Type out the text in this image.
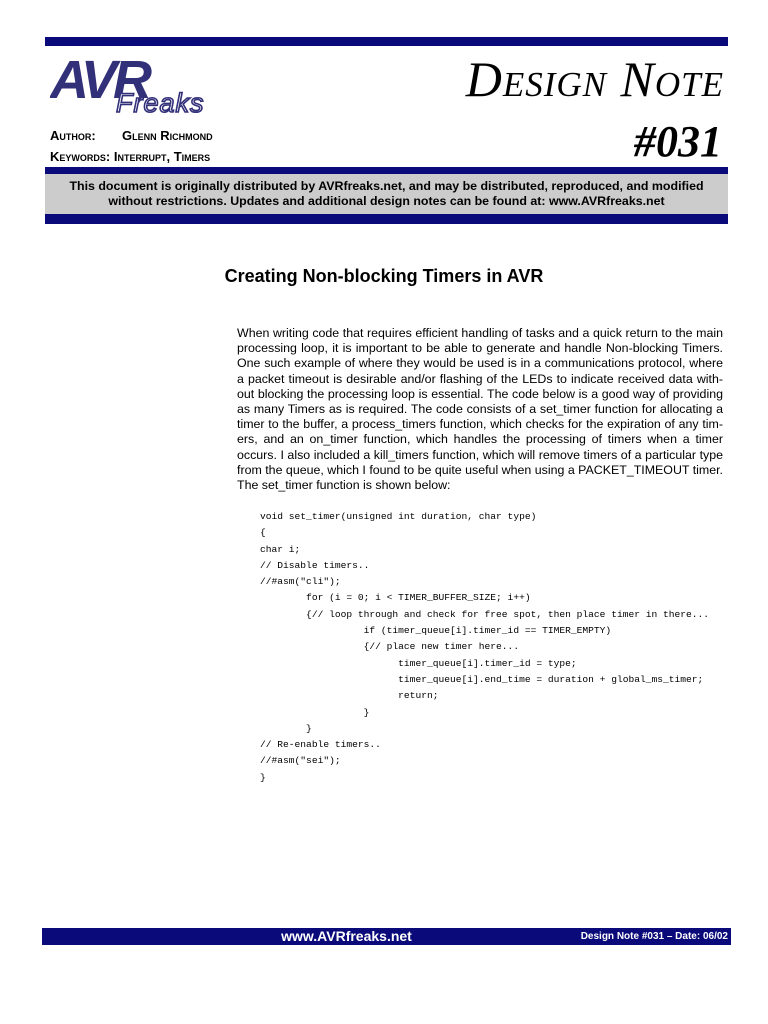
AVR
Freaks	Design Note
#031
Author: Glenn Richmond
Keywords: Interrupt, Timers

This document is originally distributed by AVRfreaks.net, and may be distributed, reproduced, and modified without restrictions. Updates and additional design notes can be found at: www.AVRfreaks.net

Creating Non-blocking Timers in AVR

When writing code that requires efficient handling of tasks and a quick return to the main processing loop, it is important to be able to generate and handle Non-blocking Timers. One such example of where they would be used is in a communications protocol, where a packet timeout is desirable and/or flashing of the LEDs to indicate received data without blocking the processing loop is essential. The code below is a good way of providing as many Timers as is required. The code consists of a set_timer function for allocating a timer to the buffer, a process_timers function, which checks for the expiration of any timers, and an on_timer function, which handles the processing of timers when a timer occurs. I also included a kill_timers function, which will remove timers of a particular type from the queue, which I found to be quite useful when using a PACKET_TIMEOUT timer. The set_timer function is shown below:

void set_timer(unsigned int duration, char type)
{
char i;
// Disable timers..
//#asm("cli");
for (i = 0; i < TIMER_BUFFER_SIZE; i++)
{// loop through and check for free spot, then place timer in there...
if (timer_queue[i].timer_id == TIMER_EMPTY)
{// place new timer here...
timer_queue[i].timer_id = type;
timer_queue[i].end_time = duration + global_ms_timer;
return;
}
}
// Re-enable timers..
//#asm("sei");
}
www.AVRfreaks.net	Design Note #031 – Date: 06/02
